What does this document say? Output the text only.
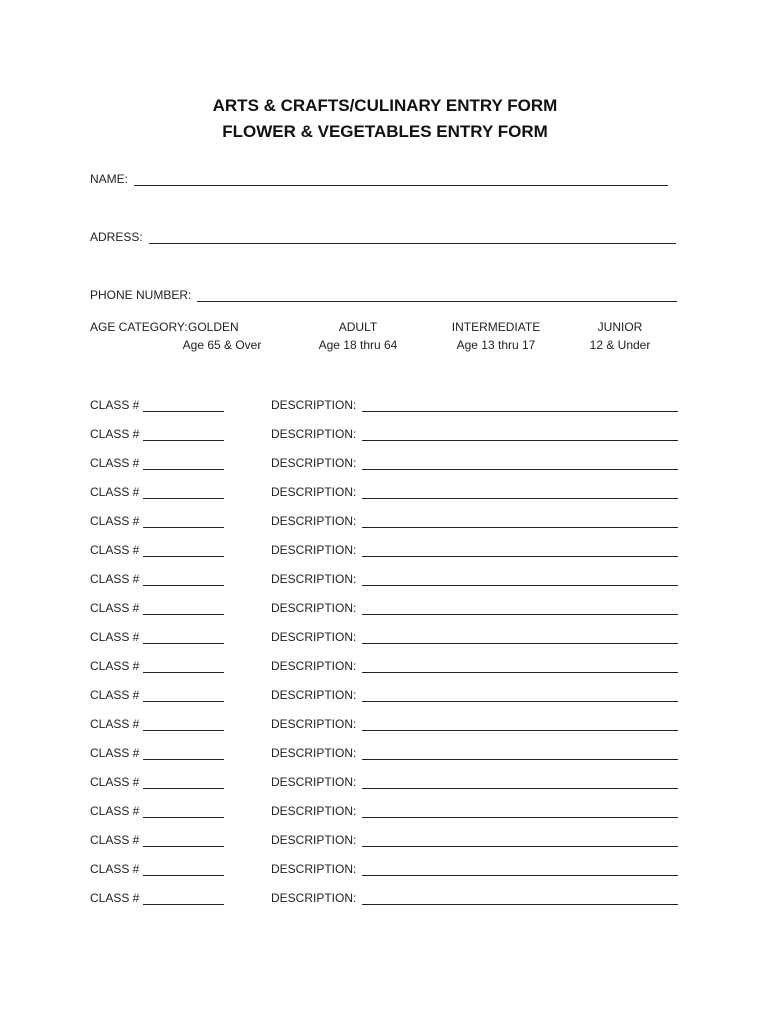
ARTS & CRAFTS/CULINARY ENTRY FORM
FLOWER & VEGETABLES ENTRY FORM
NAME:
ADRESS:
PHONE NUMBER:
AGE CATEGORY: GOLDEN
Age 65 & Over
ADULT
Age 18 thru 64
INTERMEDIATE
Age 13 thru 17
JUNIOR
12 & Under
CLASS #	DESCRIPTION:
CLASS #	DESCRIPTION:
CLASS #	DESCRIPTION:
CLASS #	DESCRIPTION:
CLASS #	DESCRIPTION:
CLASS #	DESCRIPTION:
CLASS #	DESCRIPTION:
CLASS #	DESCRIPTION:
CLASS #	DESCRIPTION:
CLASS #	DESCRIPTION:
CLASS #	DESCRIPTION:
CLASS #	DESCRIPTION:
CLASS #	DESCRIPTION:
CLASS #	DESCRIPTION:
CLASS #	DESCRIPTION:
CLASS #	DESCRIPTION:
CLASS #	DESCRIPTION:
CLASS #	DESCRIPTION:
